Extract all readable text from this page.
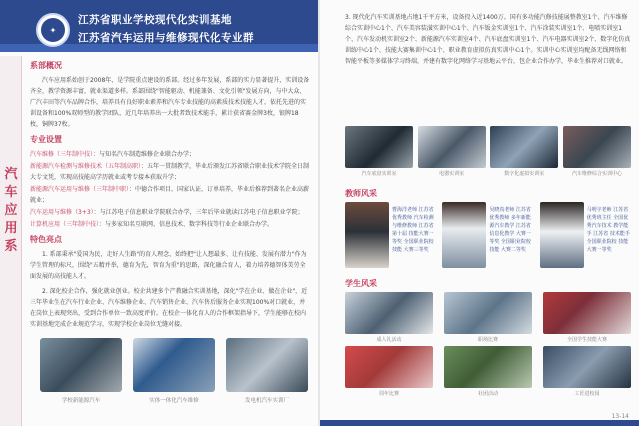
✦
江苏省职业学校现代化实训基地
江苏省汽车运用与维修现代化专业群
汽
车
应
用
系
系部概况
汽车应用系始创于2008年，是学院重点建设的系部。经过多年发展，系部的实力显著提升，实训设备齐全，教学资源丰富，就业渠道多样。系部围绕"智能驱动、机能兼备、文化引领"发展方向，与中大众、广汽丰田等汽车品牌合作，培养具有良好职业素养和汽车专业技能的高素质技术技能人才，依托先进的实训设备和100%双师型的教学团队，近几年培养出一大批者致技术能手，累计获省赛金牌3枚，银牌18枚，铜牌37枚。
专业设置
汽车维修（三年制中技）：与知名汽车制造维修企业联合办学；
新能源汽车检测与维修技术（五年制高职）：五年一贯制教学，毕业后颁发江苏省联合职业技术学院全日制大专文凭，实现高技能高学历就业或考专接本获取升学；
新能源汽车运用与维修（三年制中职）：中德合作项目，国家认证，订单培养，毕业后推荐到著名企业高薪就业；
汽车运用与维修（3+3）：与江苏电子信息职业学院联合办学，三年后毕业就读江苏电子信息职业学院；
计算机应用（三年制中技）：与多家知名互联网、信息技术、数字科技等行业企业联合办学。
特色亮点
1. 系部秉承"爱国为民，走好人生路"的育人理念，始终把"让人想最多、让有技能、发展有潜力"作为学生管理的标尺，围绕"五精并举，德育为先，智育为重"的思路，深化融合育人，着力培养德智体美劳全面发展的高技能人才。
2. 深化校企合作，强化就业创业。校企共建多个产教融合实训基地，深化"学在企业、做在企业"，近三年毕业生在汽车行业企业、汽车维修企业、汽车销售企业、汽车售后服务企业实现100%对口就业，并在岗位上表现突出，受到合作单位一致高度评价。在校企一体化育人的合作框架指导下，学生能够在校内实训基地完成企业规范学习，实现学校企业岗位无缝对接。
学校新能源汽车	实体一体化汽车维修	发电机汽车实训厂
3. 现代化汽车实训基地占地1千平方米，设备投入近1400万。国有多功能汽修技能展整教室1个、汽车维修综合实训中心1个、汽车美容装潢实训中心1个、汽车钣金实训室1个、汽车涂装实训室1个、电喷实训室1个、汽车发动机实训室2个、新能源汽车实训室4个、汽车底盘实训室1个、汽车电器实训室2个、数字化仿真训练中心1个、技能大赛集训中心1个、职业教育虚拟仿真实训中心1个。实训中心实训室均配备无线网络和智能平板等多媒体学习终端，并建有数字化网络学习基地云平台，包企业合作办学，毕业生推荐对口就业。
汽车底盘实训室	电器实训室	数字化虚拟实训室	汽车维修综合实训中心
教师风采
曹海洋老师 江苏省优秀教师 汽车检测与维修教师 江苏省第十届 技能大赛一等奖 全国职业院校技能 大赛三等奖
吴晓真老师 江苏省优秀教师 多年新能源汽车教学 江苏省信息化教学 大赛一等奖 全国职业院校技能 大赛二等奖
马明宇老师 江苏省优秀班主任 全国优秀汽车技术 教学能手 江苏省 技术能手 全国职业院校 技能大赛一等奖
学生风采
成人礼活动	职场比赛	全国学生技能大赛
周年比赛	社团活动	工匠进校园
13-14
